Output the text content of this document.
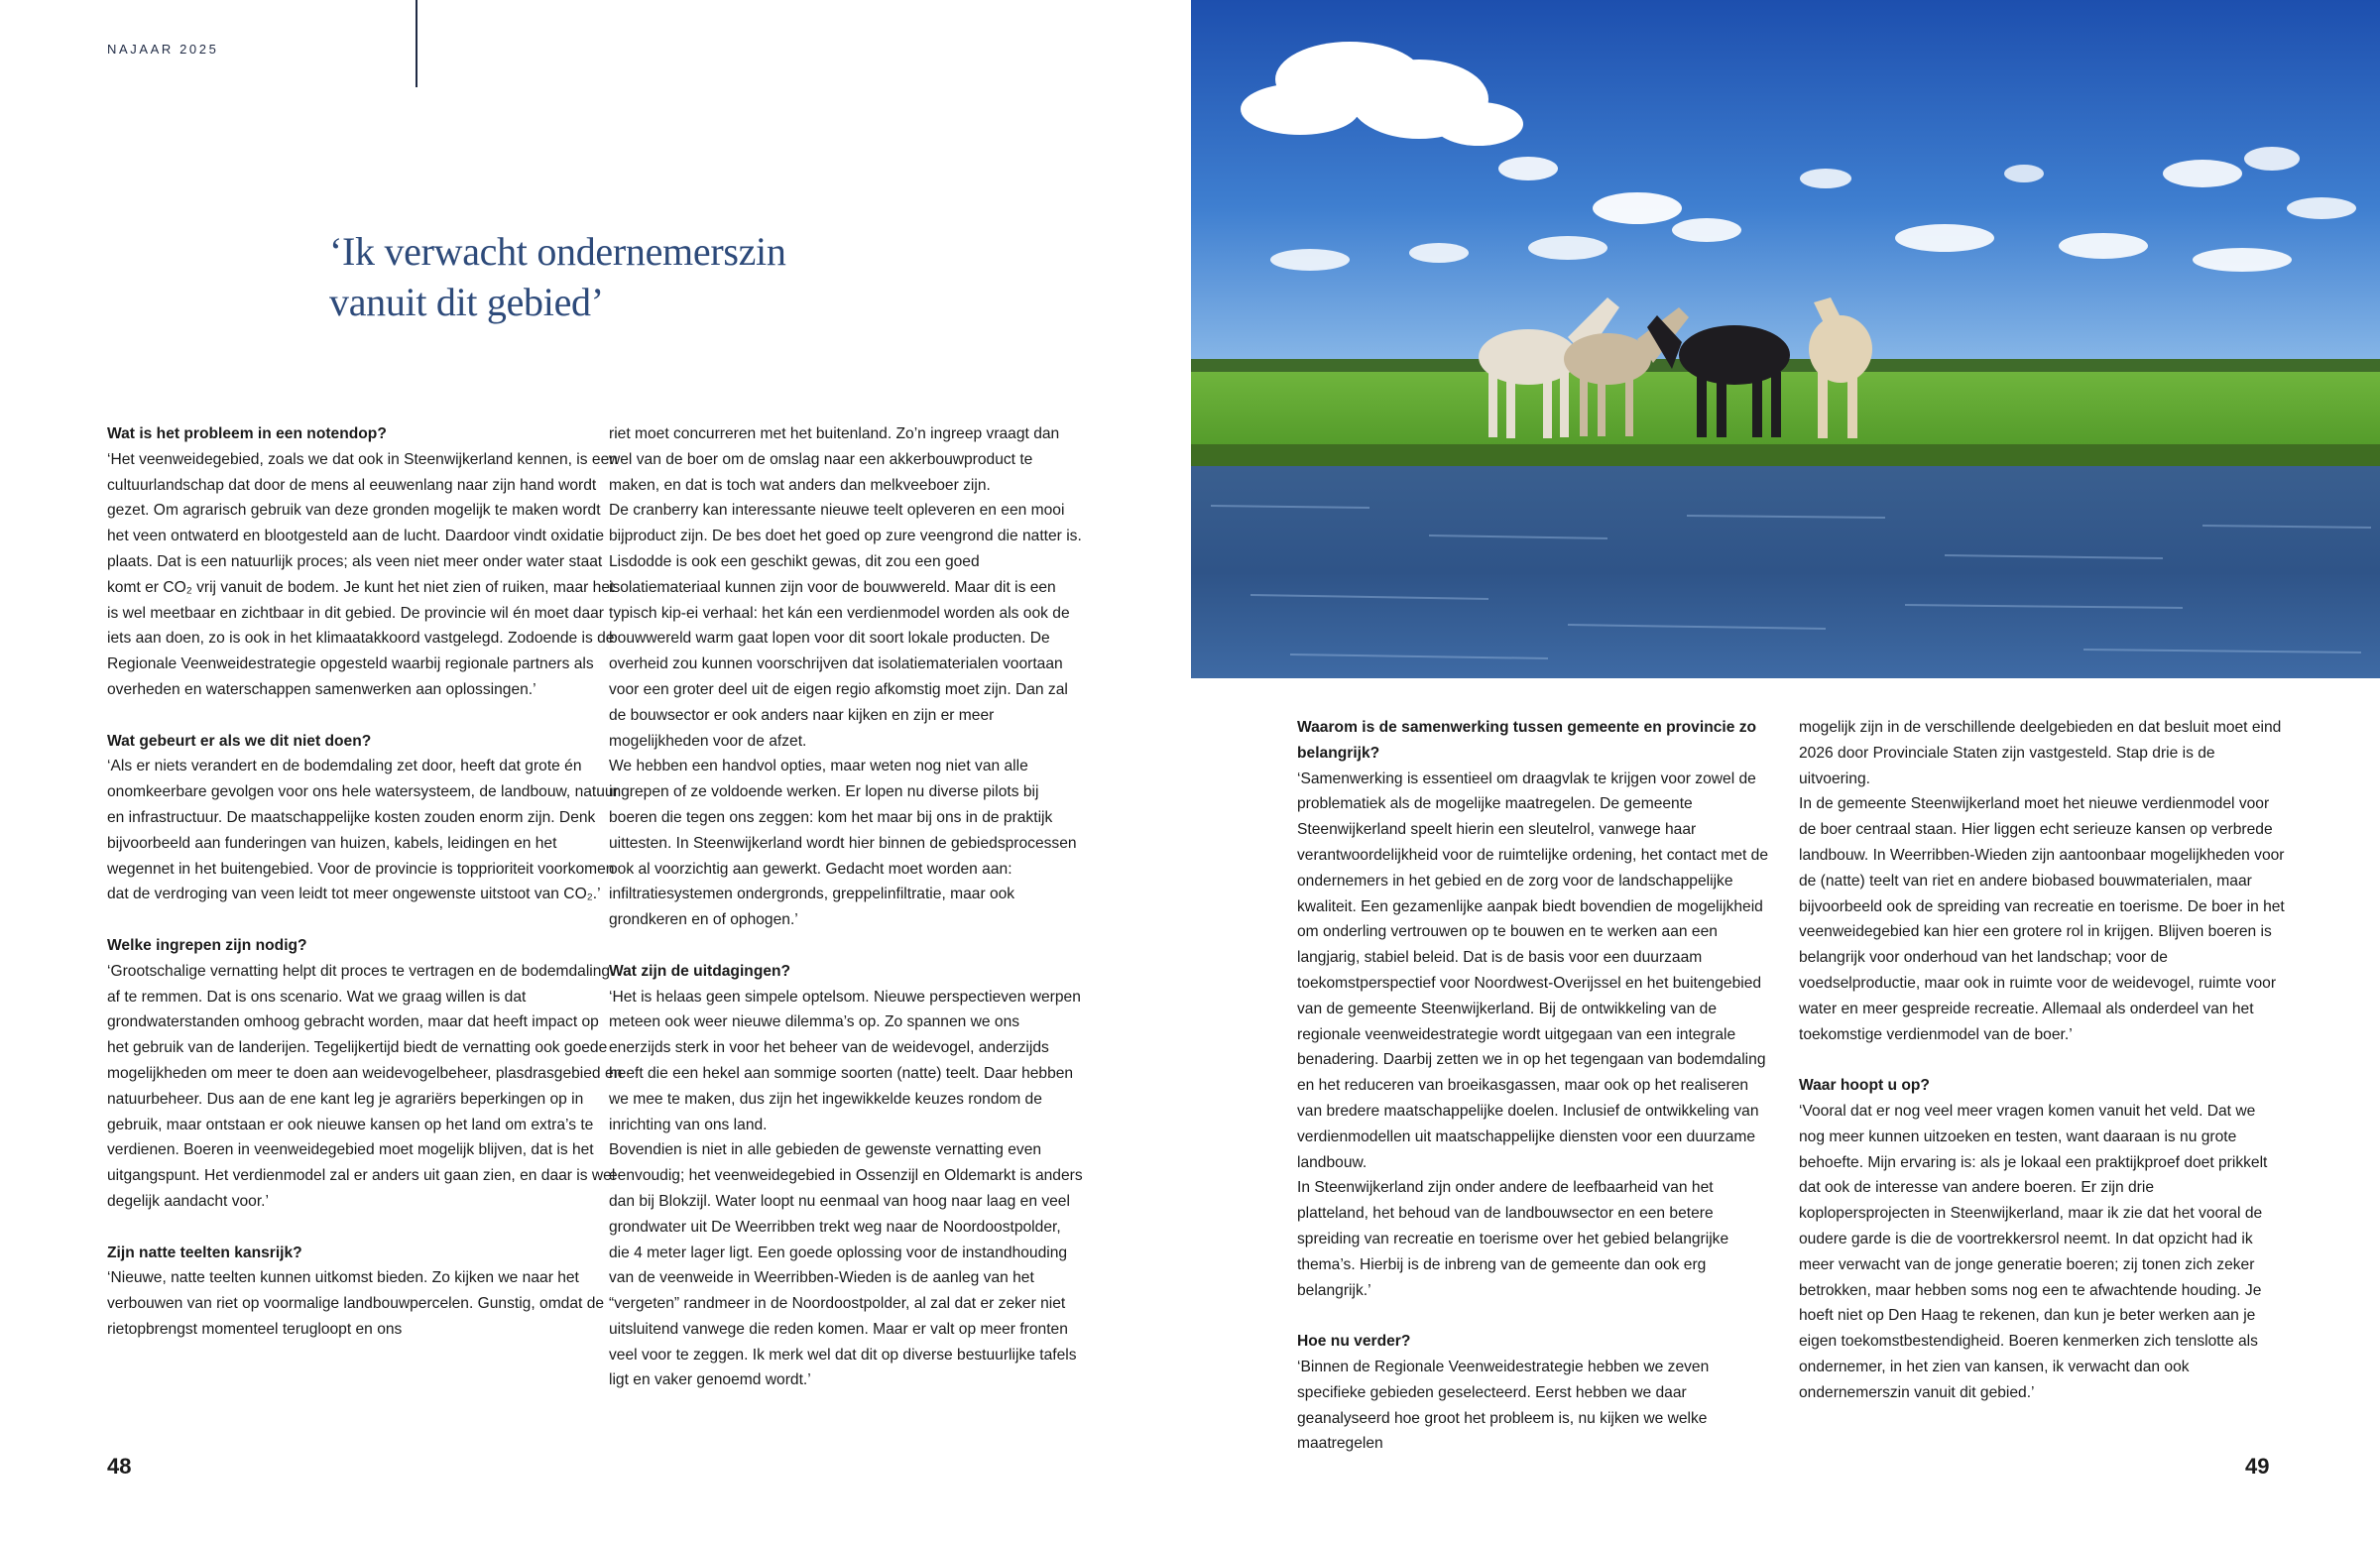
NAJAAR 2025
‘Ik verwacht ondernemerszin
vanuit dit gebied’

Wat is het probleem in een notendop?

‘Het veenweidegebied, zoals we dat ook in Steenwijkerland kennen, is een cultuurlandschap dat door de mens al eeuwenlang naar zijn hand wordt gezet. Om agrarisch gebruik van deze gronden mogelijk te maken wordt het veen ontwaterd en blootgesteld aan de lucht. Daardoor vindt oxidatie plaats. Dat is een natuurlijk proces; als veen niet meer onder water staat komt er CO₂ vrij vanuit de bodem. Je kunt het niet zien of ruiken, maar het is wel meetbaar en zichtbaar in dit gebied. De provincie wil én moet daar iets aan doen, zo is ook in het klimaatakkoord vastgelegd. Zodoende is de Regionale Veenweidestrategie opgesteld waarbij regionale partners als overheden en waterschappen samenwerken aan oplossingen.’

Wat gebeurt er als we dit niet doen?

‘Als er niets verandert en de bodemdaling zet door, heeft dat grote én onomkeerbare gevolgen voor ons hele watersysteem, de landbouw, natuur en infrastructuur. De maatschappelijke kosten zouden enorm zijn. Denk bijvoorbeeld aan funderingen van huizen, kabels, leidingen en het wegennet in het buitengebied. Voor de provincie is topprioriteit voorkomen dat de verdroging van veen leidt tot meer ongewenste uitstoot van CO₂.’

Welke ingrepen zijn nodig?

‘Grootschalige vernatting helpt dit proces te vertragen en de bodemdaling af te remmen. Dat is ons scenario. Wat we graag willen is dat grondwaterstanden omhoog gebracht worden, maar dat heeft impact op het gebruik van de landerijen. Tegelijkertijd biedt de vernatting ook goede mogelijkheden om meer te doen aan weidevogelbeheer, plasdrasgebied en natuurbeheer. Dus aan de ene kant leg je agrariërs beperkingen op in gebruik, maar ontstaan er ook nieuwe kansen op het land om extra’s te verdienen. Boeren in veenweidegebied moet mogelijk blijven, dat is het uitgangspunt. Het verdienmodel zal er anders uit gaan zien, en daar is wel degelijk aandacht voor.’

Zijn natte teelten kansrijk?

‘Nieuwe, natte teelten kunnen uitkomst bieden. Zo kijken we naar het verbouwen van riet op voormalige landbouwpercelen. Gunstig, omdat de rietopbrengst momenteel terugloopt en ons

riet moet concurreren met het buitenland. Zo’n ingreep vraagt dan wel van de boer om de omslag naar een akkerbouwproduct te maken, en dat is toch wat anders dan melkveeboer zijn.

De cranberry kan interessante nieuwe teelt opleveren en een mooi bijproduct zijn. De bes doet het goed op zure veengrond die natter is. Lisdodde is ook een geschikt gewas, dit zou een goed isolatiemateriaal kunnen zijn voor de bouwwereld. Maar dit is een typisch kip-ei verhaal: het kán een verdienmodel worden als ook de bouwwereld warm gaat lopen voor dit soort lokale producten. De overheid zou kunnen voorschrijven dat isolatiematerialen voortaan voor een groter deel uit de eigen regio afkomstig moet zijn. Dan zal de bouwsector er ook anders naar kijken en zijn er meer mogelijkheden voor de afzet.

We hebben een handvol opties, maar weten nog niet van alle ingrepen of ze voldoende werken. Er lopen nu diverse pilots bij boeren die tegen ons zeggen: kom het maar bij ons in de praktijk uittesten. In Steenwijkerland wordt hier binnen de gebiedsprocessen ook al voorzichtig aan gewerkt. Gedacht moet worden aan: infiltratiesystemen ondergronds, greppelinfiltratie, maar ook grondkeren en of ophogen.’

Wat zijn de uitdagingen?

‘Het is helaas geen simpele optelsom. Nieuwe perspectieven werpen meteen ook weer nieuwe dilemma’s op. Zo spannen we ons enerzijds sterk in voor het beheer van de weidevogel, anderzijds heeft die een hekel aan sommige soorten (natte) teelt. Daar hebben we mee te maken, dus zijn het ingewikkelde keuzes rondom de inrichting van ons land.

Bovendien is niet in alle gebieden de gewenste vernatting even eenvoudig; het veenweidegebied in Ossenzijl en Oldemarkt is anders dan bij Blokzijl. Water loopt nu eenmaal van hoog naar laag en veel grondwater uit De Weerribben trekt weg naar de Noordoostpolder, die 4 meter lager ligt. Een goede oplossing voor de instandhouding van de veenweide in Weerribben-Wieden is de aanleg van het “vergeten” randmeer in de Noordoostpolder, al zal dat er zeker niet uitsluitend vanwege die reden komen. Maar er valt op meer fronten veel voor te zeggen. Ik merk wel dat dit op diverse bestuurlijke tafels ligt en vaker genoemd wordt.’

48

Waarom is de samenwerking tussen gemeente en provincie zo belangrijk?

‘Samenwerking is essentieel om draagvlak te krijgen voor zowel de problematiek als de mogelijke maatregelen. De gemeente Steenwijkerland speelt hierin een sleutelrol, vanwege haar verantwoordelijkheid voor de ruimtelijke ordening, het contact met de ondernemers in het gebied en de zorg voor de landschappelijke kwaliteit. Een gezamenlijke aanpak biedt bovendien de mogelijkheid om onderling vertrouwen op te bouwen en te werken aan een langjarig, stabiel beleid. Dat is de basis voor een duurzaam toekomstperspectief voor Noordwest-Overijssel en het buitengebied van de gemeente Steenwijkerland. Bij de ontwikkeling van de regionale veenweidestrategie wordt uitgegaan van een integrale benadering. Daarbij zetten we in op het tegengaan van bodemdaling en het reduceren van broeikasgassen, maar ook op het realiseren van bredere maatschappelijke doelen. Inclusief de ontwikkeling van verdienmodellen uit maatschappelijke diensten voor een duurzame landbouw.

In Steenwijkerland zijn onder andere de leefbaarheid van het platteland, het behoud van de landbouwsector en een betere spreiding van recreatie en toerisme over het gebied belangrijke thema’s. Hierbij is de inbreng van de gemeente dan ook erg belangrijk.’

Hoe nu verder?

‘Binnen de Regionale Veenweidestrategie hebben we zeven specifieke gebieden geselecteerd. Eerst hebben we daar geanalyseerd hoe groot het probleem is, nu kijken we welke maatregelen

mogelijk zijn in de verschillende deelgebieden en dat besluit moet eind 2026 door Provinciale Staten zijn vastgesteld. Stap drie is de uitvoering.

In de gemeente Steenwijkerland moet het nieuwe verdienmodel voor de boer centraal staan. Hier liggen echt serieuze kansen op verbrede landbouw. In Weerribben-Wieden zijn aantoonbaar mogelijkheden voor de (natte) teelt van riet en andere biobased bouwmaterialen, maar bijvoorbeeld ook de spreiding van recreatie en toerisme. De boer in het veenweidegebied kan hier een grotere rol in krijgen. Blijven boeren is belangrijk voor onderhoud van het landschap; voor de voedselproductie, maar ook in ruimte voor de weidevogel, ruimte voor water en meer gespreide recreatie. Allemaal als onderdeel van het toekomstige verdienmodel van de boer.’

Waar hoopt u op?

‘Vooral dat er nog veel meer vragen komen vanuit het veld. Dat we nog meer kunnen uitzoeken en testen, want daaraan is nu grote behoefte. Mijn ervaring is: als je lokaal een praktijkproef doet prikkelt dat ook de interesse van andere boeren. Er zijn drie koplopersprojecten in Steenwijkerland, maar ik zie dat het vooral de oudere garde is die de voortrekkersrol neemt. In dat opzicht had ik meer verwacht van de jonge generatie boeren; zij tonen zich zeker betrokken, maar hebben soms nog een te afwachtende houding. Je hoeft niet op Den Haag te rekenen, dan kun je beter werken aan je eigen toekomstbestendigheid. Boeren kenmerken zich tenslotte als ondernemer, in het zien van kansen, ik verwacht dan ook ondernemerszin vanuit dit gebied.’

49
